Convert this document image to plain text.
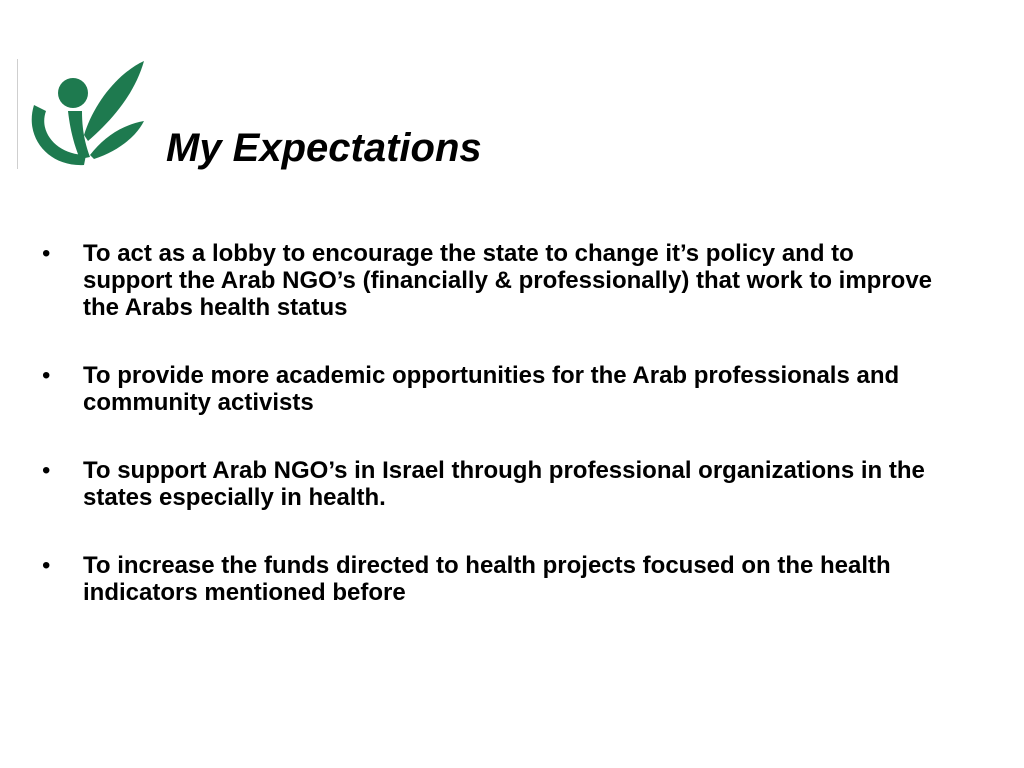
My Expectations
• To act as a lobby to encourage the state to change it’s policy and to support the Arab NGO’s (financially & professionally) that work to improve the Arabs health status
• To provide more academic opportunities for the Arab professionals and community activists
• To support Arab NGO’s in Israel through professional organizations in the states especially in health.
• To increase the funds directed to health projects focused on the health indicators mentioned before
